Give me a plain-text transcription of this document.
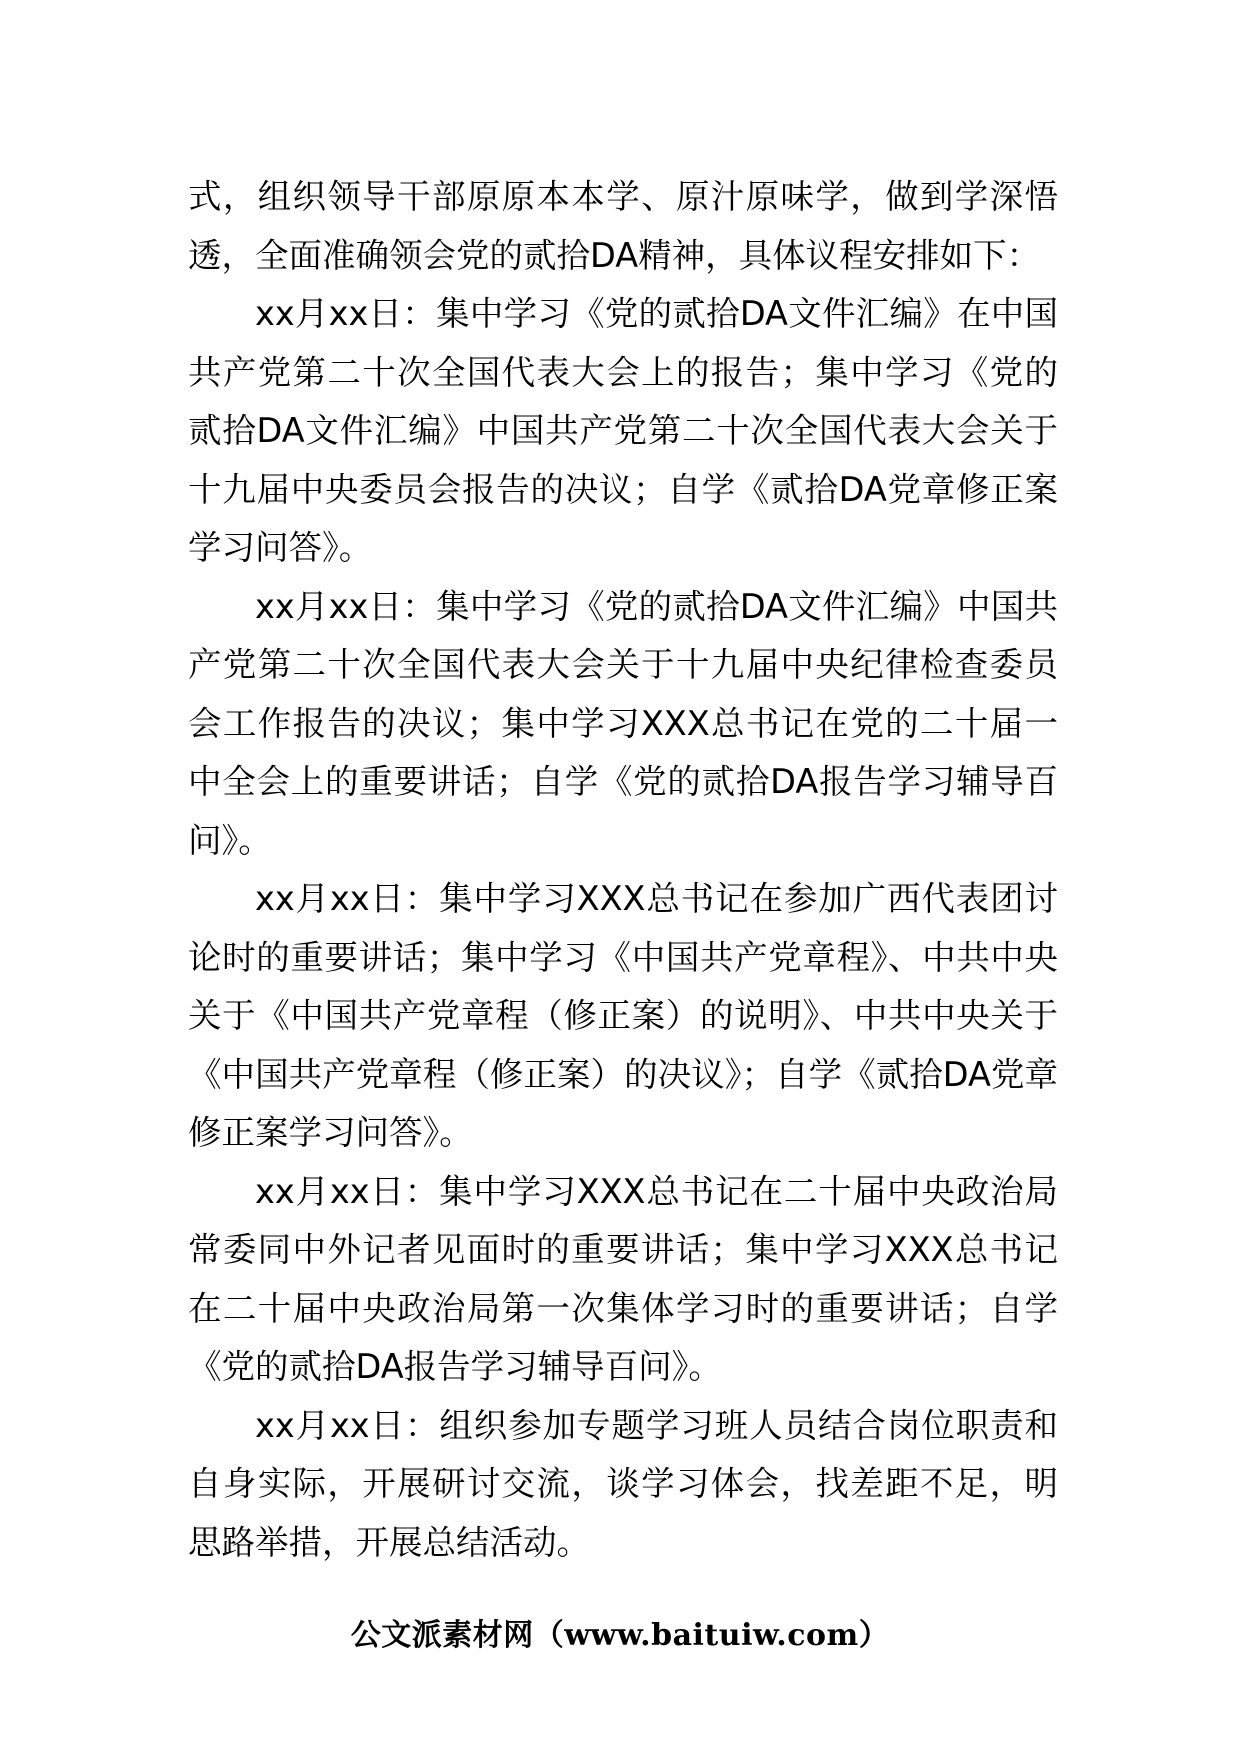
式，组织领导干部原原本本学、原汁原味学，做到学深悟透，全面准确领会党的贰拾DA精神，具体议程安排如下：

xx月xx日：集中学习《党的贰拾DA文件汇编》在中国共产党第二十次全国代表大会上的报告；集中学习《党的贰拾DA文件汇编》中国共产党第二十次全国代表大会关于十九届中央委员会报告的决议；自学《贰拾DA党章修正案学习问答》。

xx月xx日：集中学习《党的贰拾DA文件汇编》中国共产党第二十次全国代表大会关于十九届中央纪律检查委员会工作报告的决议；集中学习XXX总书记在党的二十届一中全会上的重要讲话；自学《党的贰拾DA报告学习辅导百问》。

xx月xx日：集中学习XXX总书记在参加广西代表团讨论时的重要讲话；集中学习《中国共产党章程》、中共中央关于《中国共产党章程（修正案）的说明》、中共中央关于《中国共产党章程（修正案）的决议》；自学《贰拾DA党章修正案学习问答》。

xx月xx日：集中学习XXX总书记在二十届中央政治局常委同中外记者见面时的重要讲话；集中学习XXX总书记在二十届中央政治局第一次集体学习时的重要讲话；自学《党的贰拾DA报告学习辅导百问》。

xx月xx日：组织参加专题学习班人员结合岗位职责和自身实际，开展研讨交流，谈学习体会，找差距不足，明思路举措，开展总结活动。

公文派素材网（www.baituiw.com）
